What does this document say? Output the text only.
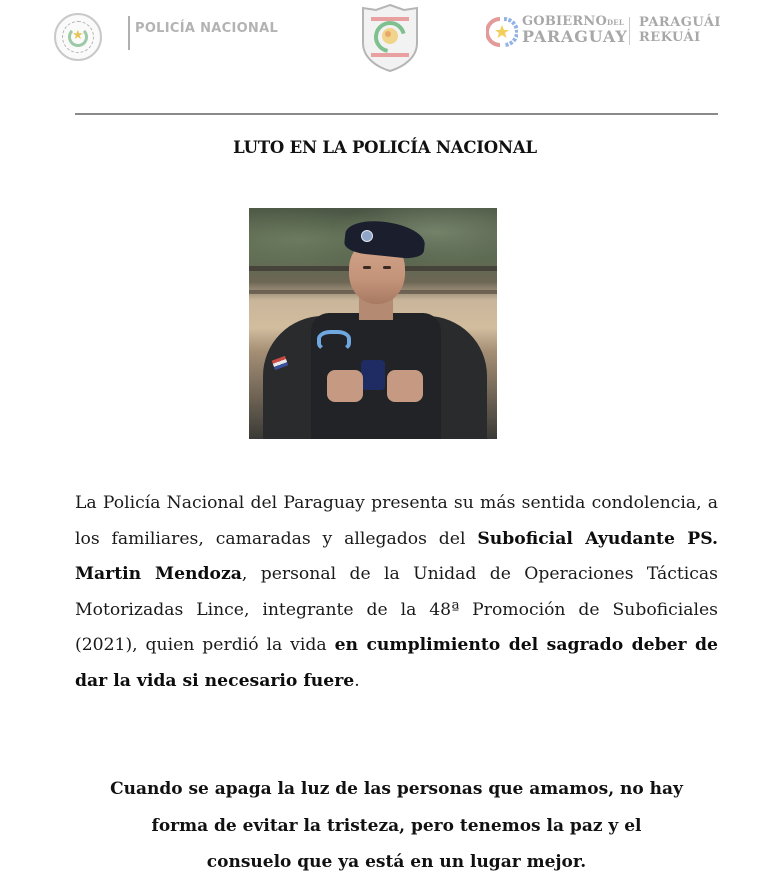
★	POLICÍA NACIONAL	GOBIERNODEL
PARAGUAY
PARAGUÁI
REKUÁI
LUTO EN LA POLICÍA NACIONAL

La Policía Nacional del Paraguay presenta su más sentida condolencia, a los familiares, camaradas y allegados del Suboficial Ayudante PS. Martin Mendoza, personal de la Unidad de Operaciones Tácticas Motorizadas Lince, integrante de la 48ª Promoción de Suboficiales (2021), quien perdió la vida en cumplimiento del sagrado deber de dar la vida si necesario fuere.

Cuando se apaga la luz de las personas que amamos, no hay
forma de evitar la tristeza, pero tenemos la paz y el
consuelo que ya está en un lugar mejor.
